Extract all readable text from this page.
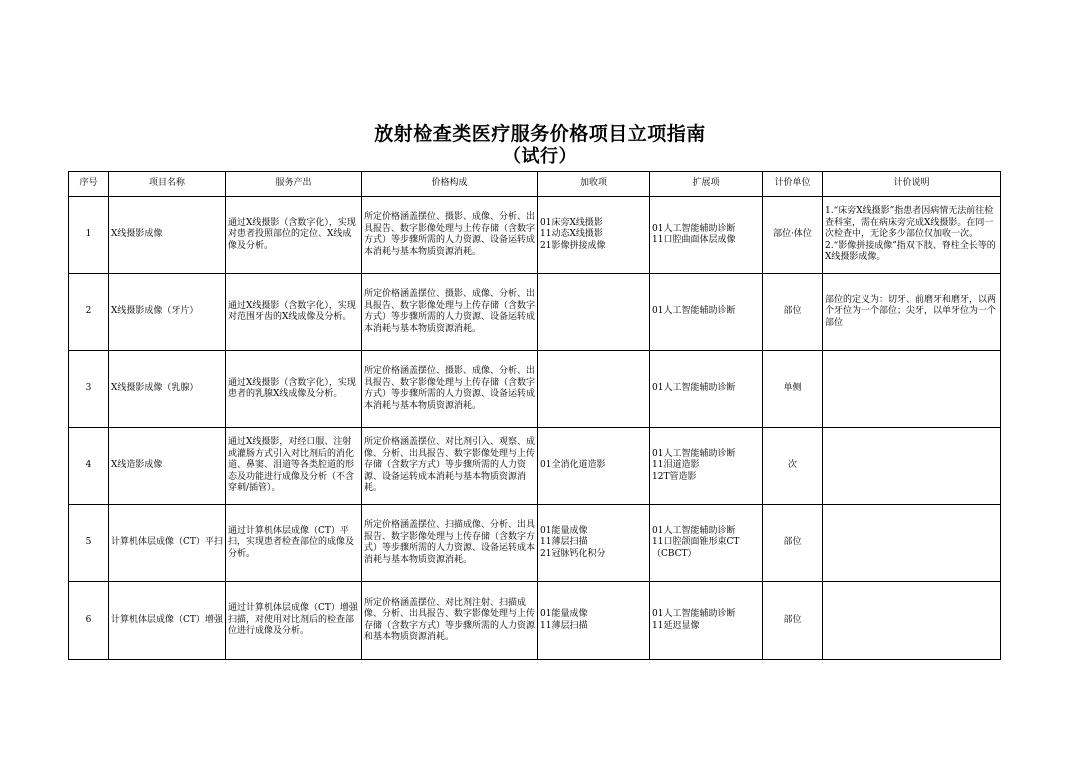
放射检查类医疗服务价格项目立项指南
（试行）
序号	项目名称	服务产出	价格构成	加收项	扩展项	计价单位	计价说明
1	X线摄影成像	通过X线摄影（含数字化），实现对患者投照部位的定位、X线成像及分析。	所定价格涵盖摆位、摄影、成像、分析、出具报告、数字影像处理与上传存储（含数字方式）等步骤所需的人力资源、设备运转成本消耗与基本物质资源消耗。	01床旁X线摄影
11动态X线摄影
21影像拼接成像	01人工智能辅助诊断
11口腔曲面体层成像	部位·体位	1.“床旁X线摄影”指患者因病情无法前往检查科室，需在病床旁完成X线摄影。在同一次检查中，无论多少部位仅加收一次。
2.“影像拼接成像”指双下肢、脊柱全长等的X线摄影成像。
2	X线摄影成像（牙片）	通过X线摄影（含数字化），实现对范围牙齿的X线成像及分析。	所定价格涵盖摆位、摄影、成像、分析、出具报告、数字影像处理与上传存储（含数字方式）等步骤所需的人力资源、设备运转成本消耗与基本物质资源消耗。		01人工智能辅助诊断	部位	部位的定义为：切牙、前磨牙和磨牙，以两个牙位为一个部位；尖牙，以单牙位为一个部位
3	X线摄影成像（乳腺）	通过X线摄影（含数字化），实现患者的乳腺X线成像及分析。	所定价格涵盖摆位、摄影、成像、分析、出具报告、数字影像处理与上传存储（含数字方式）等步骤所需的人力资源、设备运转成本消耗与基本物质资源消耗。		01人工智能辅助诊断	单侧	
4	X线造影成像	通过X线摄影，对经口服、注射或灌肠方式引入对比剂后的消化道、鼻窦、泪道等各类腔道的形态及功能进行成像及分析（不含穿刺/插管）。	所定价格涵盖摆位、对比剂引入、观察、成像、分析、出具报告、数字影像处理与上传存储（含数字方式）等步骤所需的人力资源、设备运转成本消耗与基本物质资源消耗。	01全消化道造影	01人工智能辅助诊断
11泪道造影
12T管造影	次	
5	计算机体层成像（CT）平扫	通过计算机体层成像（CT）平扫，实现患者检查部位的成像及分析。	所定价格涵盖摆位、扫描成像、分析、出具报告、数字影像处理与上传存储（含数字方式）等步骤所需的人力资源、设备运转成本消耗与基本物质资源消耗。	01能量成像
11薄层扫描
21冠脉钙化积分	01人工智能辅助诊断
11口腔颌面锥形束CT（CBCT）	部位	
6	计算机体层成像（CT）增强	通过计算机体层成像（CT）增强扫描，对使用对比剂后的检查部位进行成像及分析。	所定价格涵盖摆位、对比剂注射、扫描成像、分析、出具报告、数字影像处理与上传存储（含数字方式）等步骤所需的人力资源和基本物质资源消耗。	01能量成像
11薄层扫描	01人工智能辅助诊断
11延迟显像	部位	
